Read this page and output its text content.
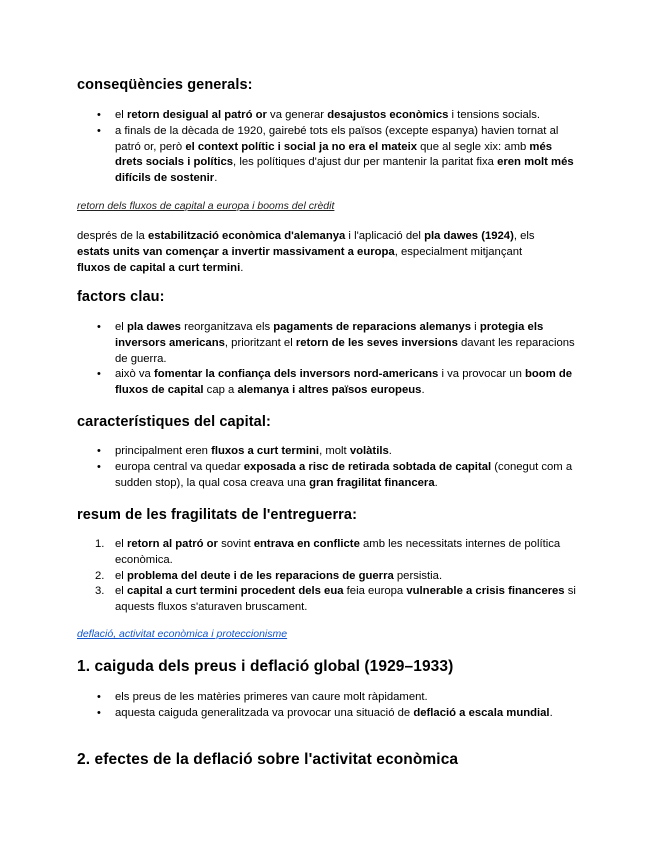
conseqüències generals:
• el retorn desigual al patró or va generar desajustos econòmics i tensions socials.
• a finals de la dècada de 1920, gairebé tots els països (excepte espanya) havien tornat al patró or, però el context polític i social ja no era el mateix que al segle xix: amb més drets socials i polítics, les polítiques d'ajust dur per mantenir la paritat fixa eren molt més difícils de sostenir.
retorn dels fluxos de capital a europa i booms del crèdit

després de la estabilització econòmica d'alemanya i l'aplicació del pla dawes (1924), els estats units van començar a invertir massivament a europa, especialment mitjançant fluxos de capital a curt termini.

factors clau:
• el pla dawes reorganitzava els pagaments de reparacions alemanys i protegia els inversors americans, prioritzant el retorn de les seves inversions davant les reparacions de guerra.
• això va fomentar la confiança dels inversors nord-americans i va provocar un boom de fluxos de capital cap a alemanya i altres països europeus.
característiques del capital:
• principalment eren fluxos a curt termini, molt volàtils.
• europa central va quedar exposada a risc de retirada sobtada de capital (conegut com a sudden stop), la qual cosa creava una gran fragilitat financera.
resum de les fragilitats de l'entreguerra:
1. el retorn al patró or sovint entrava en conflicte amb les necessitats internes de política econòmica.
2. el problema del deute i de les reparacions de guerra persistia.
3. el capital a curt termini procedent dels eua feia europa vulnerable a crisis financeres si aquests fluxos s'aturaven bruscament.
deflació, activitat econòmica i proteccionisme
1. caiguda dels preus i deflació global (1929–1933)
• els preus de les matèries primeres van caure molt ràpidament.
• aquesta caiguda generalitzada va provocar una situació de deflació a escala mundial.
2. efectes de la deflació sobre l'activitat econòmica
